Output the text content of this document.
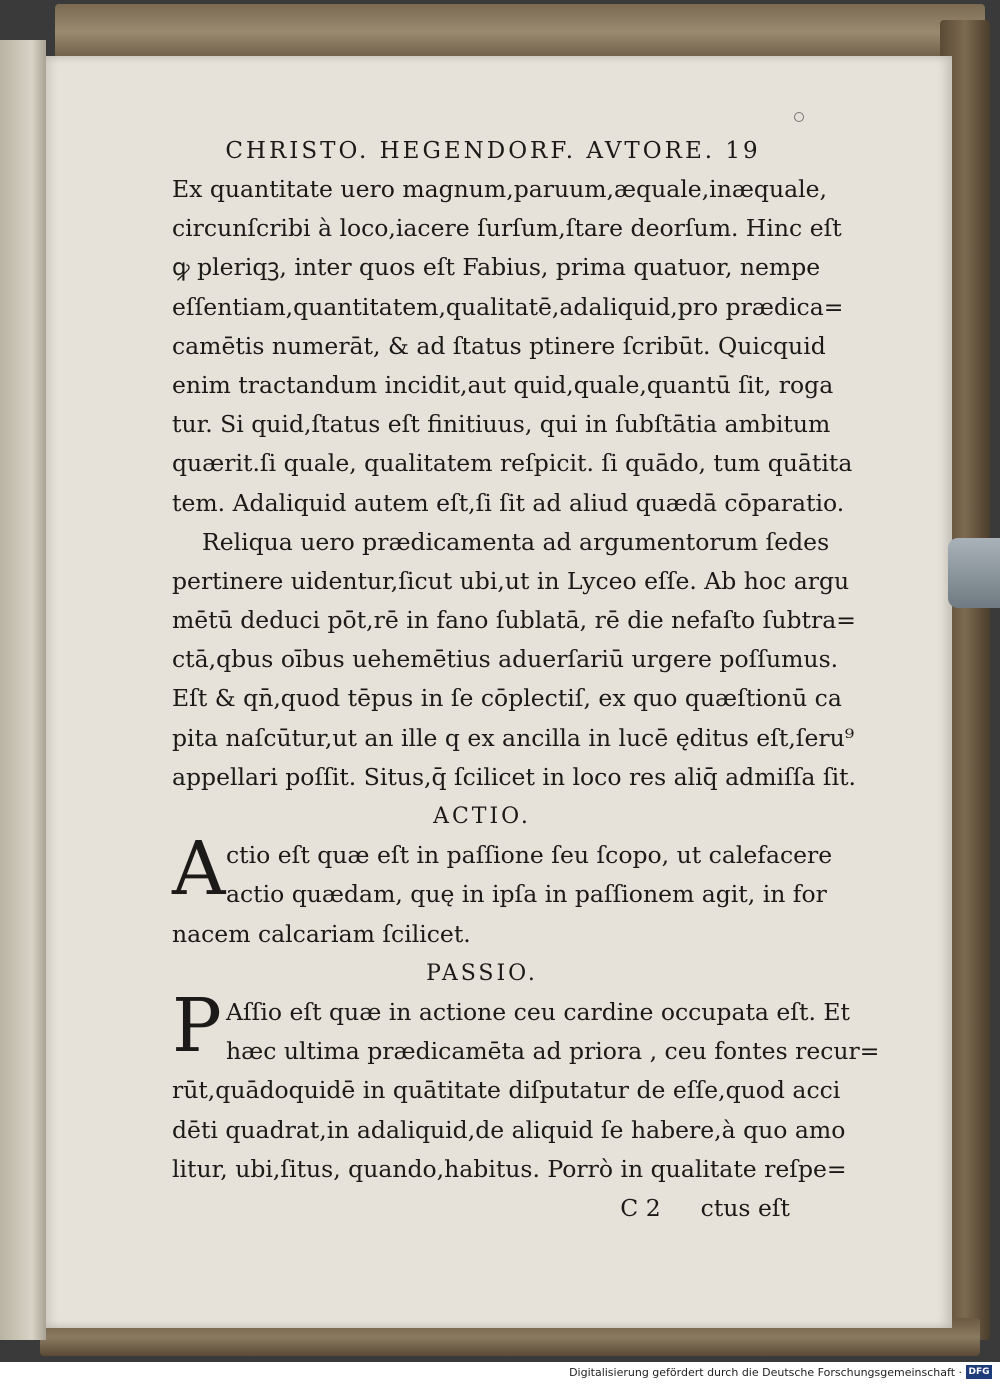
CHRISTO. HEGENDORF. AVTORE. 19
Ex quantitate uero magnum,paruum,æquale,inæquale,
circunſcribi à loco,iacere ſurſum,ſtare deorſum. Hinc eſt
ꝙ pleriqꝫ, inter quos eſt Fabius, prima quatuor, nempe
eſſentiam,quantitatem,qualitatē,adaliquid,pro prædica=
camētis numerāt, & ad ſtatus ptinere ſcribūt. Quicquid
enim tractandum incidit,aut quid,quale,quantū ſit, roga
tur. Si quid,ſtatus eſt finitiuus, qui in ſubſtātia ambitum
quærit.ſi quale, qualitatem reſpicit. ſi quādo, tum quātita
tem. Adaliquid autem eſt,ſi ſit ad aliud quædā cōparatio.
Reliqua uero prædicamenta ad argumentorum ſedes
pertinere uidentur,ſicut ubi,ut in Lyceo eſſe. Ab hoc argu
mētū deduci pōt,rē in fano ſublatā, rē die nefaſto ſubtra=
ctā,qbus oībus uehemētius aduerſariū urgere poſſumus.
Eſt & qn̄,quod tēpus in ſe cōplectiſ, ex quo quæſtionū ca
pita naſcūtur,ut an ille q ex ancilla in lucē ęditus eſt,ſeru⁹
appellari poſſit. Situs,q̄ ſcilicet in loco res aliq̄ admiſſa ſit.
ACTIO.
A ctio eſt quæ eſt in paſſione ſeu ſcopo, ut calefacere
actio quædam, quę in ipſa in paſſionem agit, in for
nacem calcariam ſcilicet.
PASSIO.
P Aſſio eſt quæ in actione ceu cardine occupata eſt. Et
hæc ultima prædicamēta ad priora , ceu fontes recur=
rūt,quādoquidē in quātitate diſputatur de eſſe,quod acci
dēti quadrat,in adaliquid,de aliquid ſe habere,à quo amo
litur, ubi,ſitus, quando,habitus. Porrò in qualitate reſpe=
C 2 ctus eſt
Digitalisierung gefördert durch die Deutsche Forschungsgemeinschaft · DFG
